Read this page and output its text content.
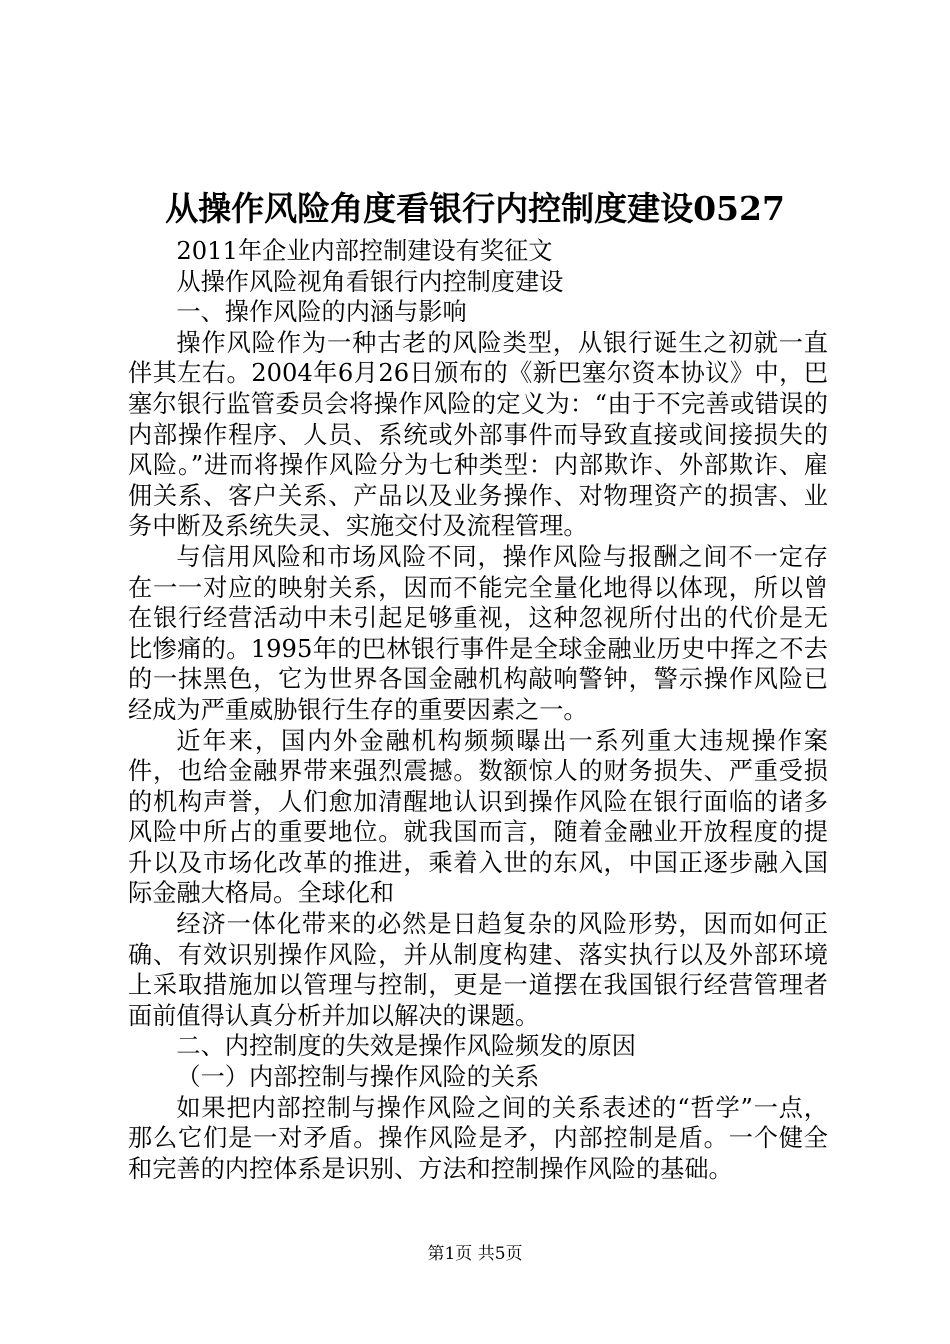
从操作风险角度看银行内控制度建设0527

2011年企业内部控制建设有奖征文

从操作风险视角看银行内控制度建设

一、操作风险的内涵与影响

操作风险作为一种古老的风险类型，从银行诞生之初就一直伴其左右。2004年6月26日颁布的《新巴塞尔资本协议》中，巴塞尔银行监管委员会将操作风险的定义为：“由于不完善或错误的内部操作程序、人员、系统或外部事件而导致直接或间接损失的风险。”进而将操作风险分为七种类型：内部欺诈、外部欺诈、雇佣关系、客户关系、产品以及业务操作、对物理资产的损害、业务中断及系统失灵、实施交付及流程管理。

与信用风险和市场风险不同，操作风险与报酬之间不一定存在一一对应的映射关系，因而不能完全量化地得以体现，所以曾在银行经营活动中未引起足够重视，这种忽视所付出的代价是无比惨痛的。1995年的巴林银行事件是全球金融业历史中挥之不去的一抹黑色，它为世界各国金融机构敲响警钟，警示操作风险已经成为严重威胁银行生存的重要因素之一。

近年来，国内外金融机构频频曝出一系列重大违规操作案件，也给金融界带来强烈震撼。数额惊人的财务损失、严重受损的机构声誉，人们愈加清醒地认识到操作风险在银行面临的诸多风险中所占的重要地位。就我国而言，随着金融业开放程度的提升以及市场化改革的推进，乘着入世的东风，中国正逐步融入国际金融大格局。全球化和

经济一体化带来的必然是日趋复杂的风险形势，因而如何正确、有效识别操作风险，并从制度构建、落实执行以及外部环境上采取措施加以管理与控制，更是一道摆在我国银行经营管理者面前值得认真分析并加以解决的课题。

二、内控制度的失效是操作风险频发的原因

（一）内部控制与操作风险的关系

如果把内部控制与操作风险之间的关系表述的“哲学”一点，那么它们是一对矛盾。操作风险是矛，内部控制是盾。一个健全和完善的内控体系是识别、方法和控制操作风险的基础。

第1页 共5页
